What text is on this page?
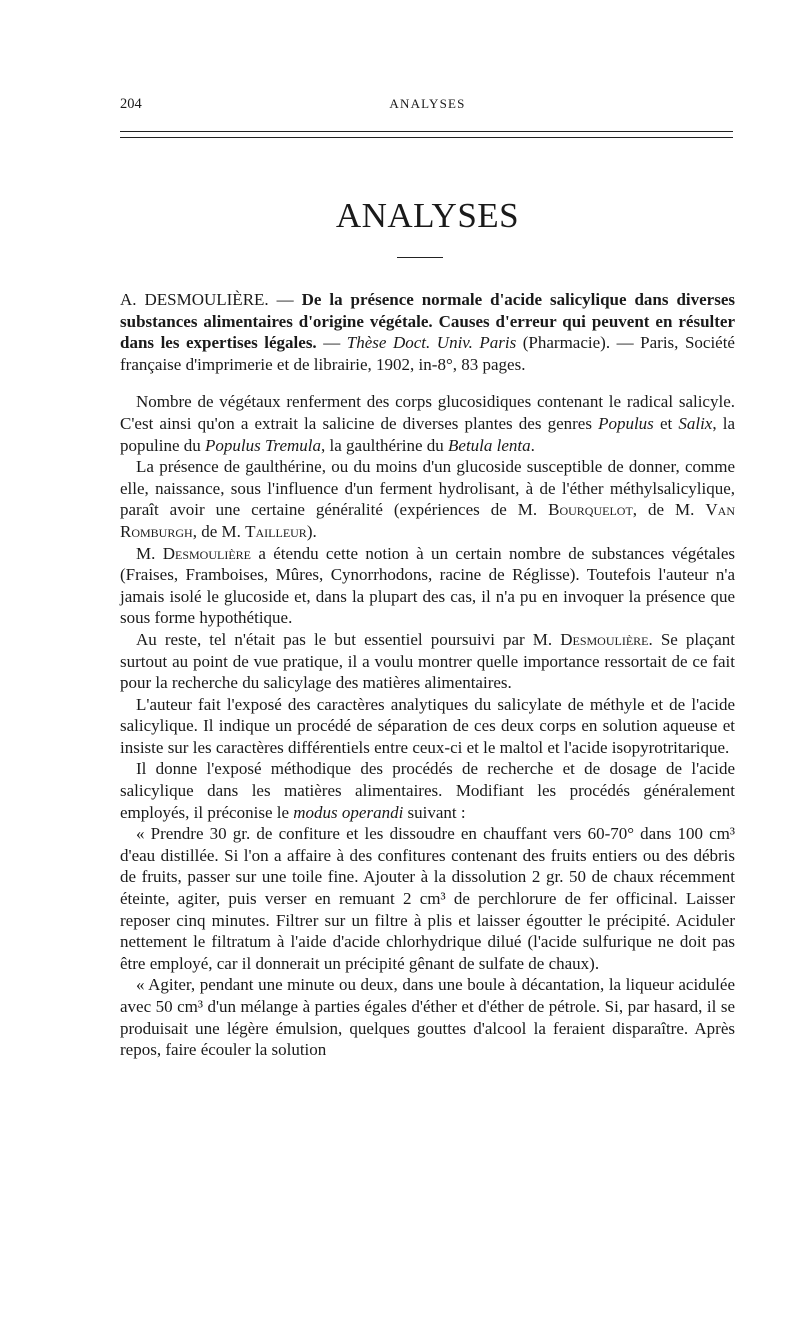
204	ANALYSES
ANALYSES

A. DESMOULIÈRE. — De la présence normale d'acide salicylique dans diverses substances alimentaires d'origine végétale. Causes d'erreur qui peuvent en résulter dans les expertises légales. — Thèse Doct. Univ. Paris (Pharmacie). — Paris, Société française d'imprimerie et de librairie, 1902, in-8°, 83 pages.

Nombre de végétaux renferment des corps glucosidiques contenant le radical salicyle. C'est ainsi qu'on a extrait la salicine de diverses plantes des genres Populus et Salix, la populine du Populus Tremula, la gaulthérine du Betula lenta.

La présence de gaulthérine, ou du moins d'un glucoside susceptible de donner, comme elle, naissance, sous l'influence d'un ferment hydrolisant, à de l'éther méthylsalicylique, paraît avoir une certaine généralité (expériences de M. Bourquelot, de M. Van Romburgh, de M. Tailleur).

M. Desmoulière a étendu cette notion à un certain nombre de substances végétales (Fraises, Framboises, Mûres, Cynorrhodons, racine de Réglisse). Toutefois l'auteur n'a jamais isolé le glucoside et, dans la plupart des cas, il n'a pu en invoquer la présence que sous forme hypothétique.

Au reste, tel n'était pas le but essentiel poursuivi par M. Desmoulière. Se plaçant surtout au point de vue pratique, il a voulu montrer quelle importance ressortait de ce fait pour la recherche du salicylage des matières alimentaires.

L'auteur fait l'exposé des caractères analytiques du salicylate de méthyle et de l'acide salicylique. Il indique un procédé de séparation de ces deux corps en solution aqueuse et insiste sur les caractères différentiels entre ceux-ci et le maltol et l'acide isopyrotritarique.

Il donne l'exposé méthodique des procédés de recherche et de dosage de l'acide salicylique dans les matières alimentaires. Modifiant les procédés généralement employés, il préconise le modus operandi suivant :

« Prendre 30 gr. de confiture et les dissoudre en chauffant vers 60-70° dans 100 cm³ d'eau distillée. Si l'on a affaire à des confitures contenant des fruits entiers ou des débris de fruits, passer sur une toile fine. Ajouter à la dissolution 2 gr. 50 de chaux récemment éteinte, agiter, puis verser en remuant 2 cm³ de perchlorure de fer officinal. Laisser reposer cinq minutes. Filtrer sur un filtre à plis et laisser égoutter le précipité. Aciduler nettement le filtratum à l'aide d'acide chlorhydrique dilué (l'acide sulfurique ne doit pas être employé, car il donnerait un précipité gênant de sulfate de chaux).

« Agiter, pendant une minute ou deux, dans une boule à décantation, la liqueur acidulée avec 50 cm³ d'un mélange à parties égales d'éther et d'éther de pétrole. Si, par hasard, il se produisait une légère émulsion, quelques gouttes d'alcool la feraient disparaître. Après repos, faire écouler la solution
